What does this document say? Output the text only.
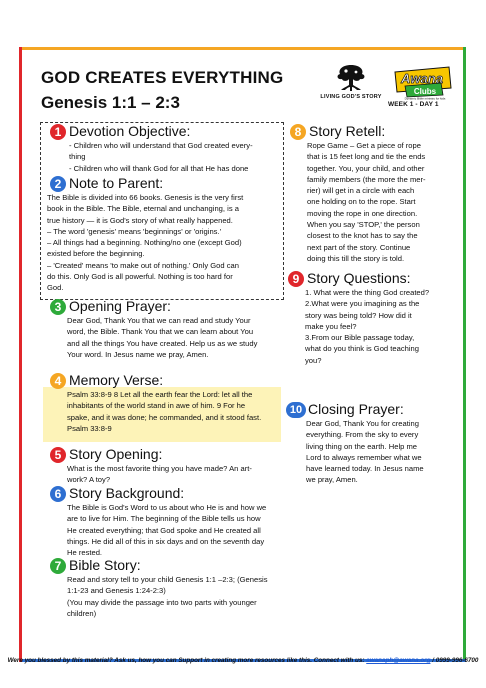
GOD CREATES EVERYTHING
Genesis 1:1 – 2:3	LIVING GOD'S STORY
Awana
Clubs
Dynamic Bible ministry for kids
WEEK 1 - DAY 1
1 Devotion Objective:

- Children who will understand that God created every-

thing

- Children who will thank God for all that He has done

2 Note to Parent:

The Bible is divided into 66 books. Genesis is the very first

book in the Bible. The Bible, eternal and unchanging, is a

true history — it is God's story of what really happened.

– The word 'genesis' means 'beginnings' or 'origins.'

– All things had a beginning. Nothing/no one (except God)

existed before the beginning.

– 'Created' means 'to make out of nothing.' Only God can

do this. Only God is all powerful. Nothing is too hard for

God.

3 Opening Prayer:

Dear God, Thank You that we can read and study Your

word, the Bible. Thank You that we can learn about You

and all the things You have created. Help us as we study

Your word. In Jesus name we pray, Amen.

4 Memory Verse:

Psalm 33:8-9 8 Let all the earth fear the Lord: let all the

inhabitants of the world stand in awe of him. 9 For he

spake, and it was done; he commanded, and it stood fast.

Psalm 33:8-9

5 Story Opening:

What is the most favorite thing you have made? An art-

work? A toy?

6 Story Background:

The Bible is God's Word to us about who He is and how we

are to live for Him. The beginning of the Bible tells us how

He created everything; that God spoke and He created all

things. He did all of this in six days and on the seventh day

He rested.

7 Bible Story:

Read and story tell to your child Genesis 1:1 –2:3; (Genesis

1:1-23 and Genesis 1:24-2:3)

(You may divide the passage into two parts with younger

children)

8 Story Retell:

Rope Game – Get a piece of rope

that is 15 feet long and tie the ends

together. You, your child, and other

family members (the more the mer-

rier) will get in a circle with each

one holding on to the rope. Start

moving the rope in one direction.

When you say 'STOP,' the person

closest to the knot has to say the

next part of the story. Continue

doing this till the story is told.

9 Story Questions:

1. What were the thing God created?

2.What were you imagining as the

story was being told? How did it

make you feel?

3.From our Bible passage today,

what do you think is God teaching

you?

10 Closing Prayer:

Dear God, Thank You for creating

everything. From the sky to every

living thing on the earth. Help me

Lord to always remember what we

have learned today. In Jesus name

we pray, Amen.

Were you blessed by this material? Ask us, how you can Support in creating more resources like this. Connect with us: awanaph@awana.org / 0999-996-6700
